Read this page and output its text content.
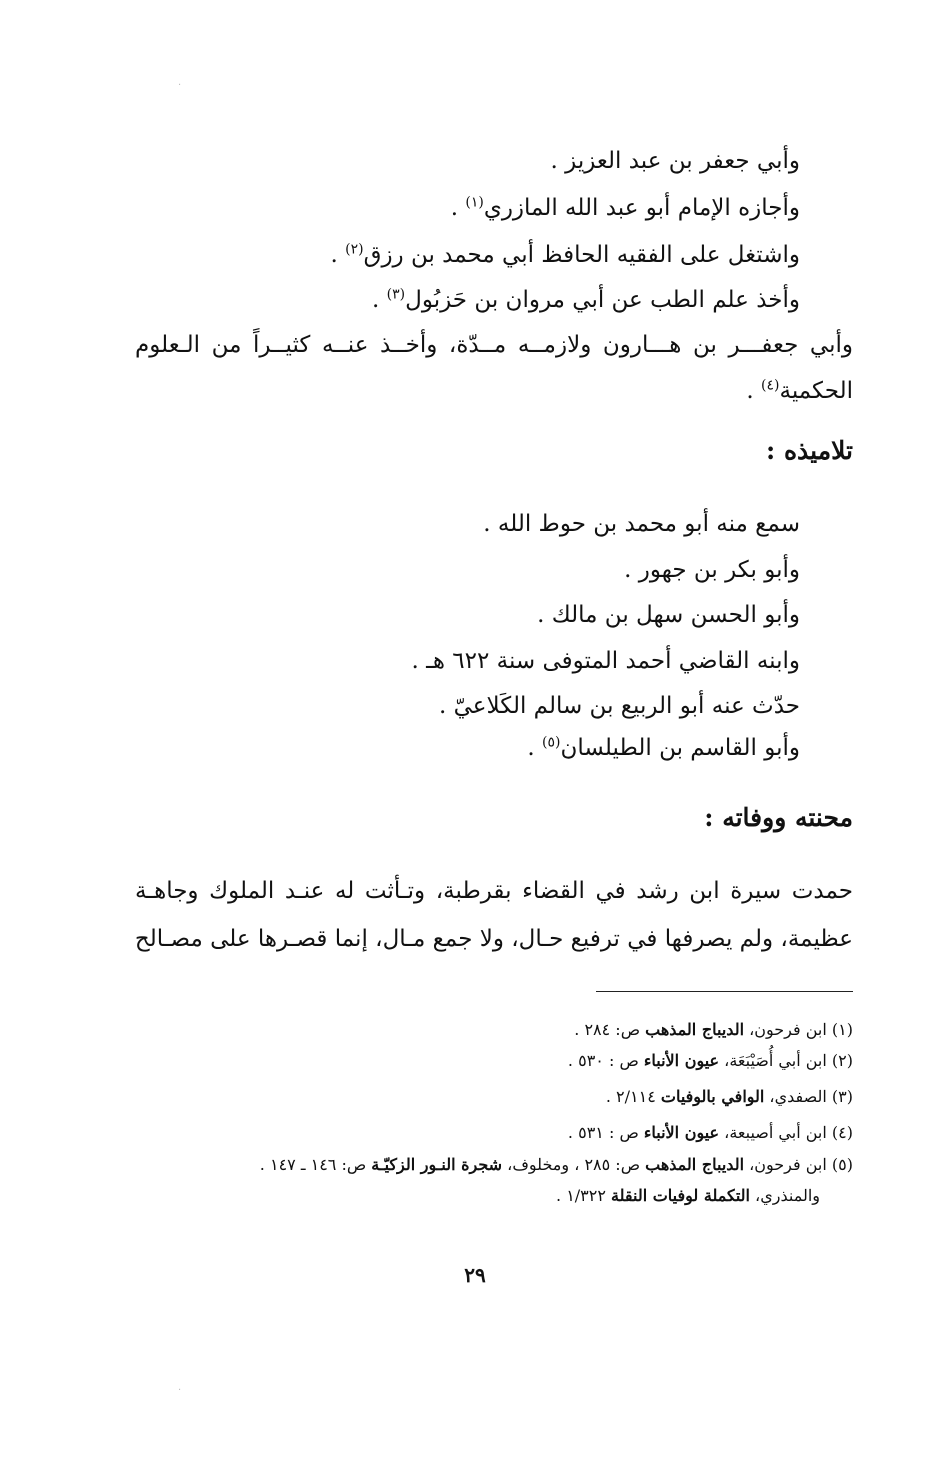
·
·
وأبي جعفر بن عبد العزيز .
وأجازه الإمام أبو عبد الله المازري$^{(١)}$ .
واشتغل على الفقيه الحافظ أبي محمد بن رزق$^{(٢)}$ .
وأخذ علم الطب عن أبي مروان بن حَزبُول$^{(٣)}$ .
وأبي جعفـــر بن هـــارون ولازمــه مــدّة، وأخــذ عنــه كثيــراً من الـعلوم
الحكمية$^{(٤)}$ .
تلاميذه :
سمع منه أبو محمد بن حوط الله .
وأبو بكر بن جهور .
وأبو الحسن سهل بن مالك .
وابنه القاضي أحمد المتوفى سنة ٦٢٢ هـ .
حدّث عنه أبو الربيع بن سالم الكَلاعيّ .
وأبو القاسم بن الطيلسان$^{(٥)}$ .
محنته ووفاته :
حمدت سيرة ابن رشد في القضاء بقرطبة، وتـأثت له عنـد الملوك وجاهـة
عظيمة، ولم يصرفها في ترفيع حـال، ولا جمع مـال، إنما قصـرها على مصـالح
(١) ابن فرحون، الديباج المذهب ص: ٢٨٤ .
(٢) ابن أبي أُصَيْبَعَة، عيون الأنباء ص : ٥٣٠ .
(٣) الصفدي، الوافي بالوفيات ٢/١١٤ .
(٤) ابن أبي أصيبعة، عيون الأنباء ص : ٥٣١ .
(٥) ابن فرحون، الديباج المذهب ص: ٢٨٥ ، ومخلوف، شجرة النـور الزكيّـة ص: ١٤٦ ـ ١٤٧ .
والمنذري، التكملة لوفيات النقلة ١/٣٢٢ .
٢٩
